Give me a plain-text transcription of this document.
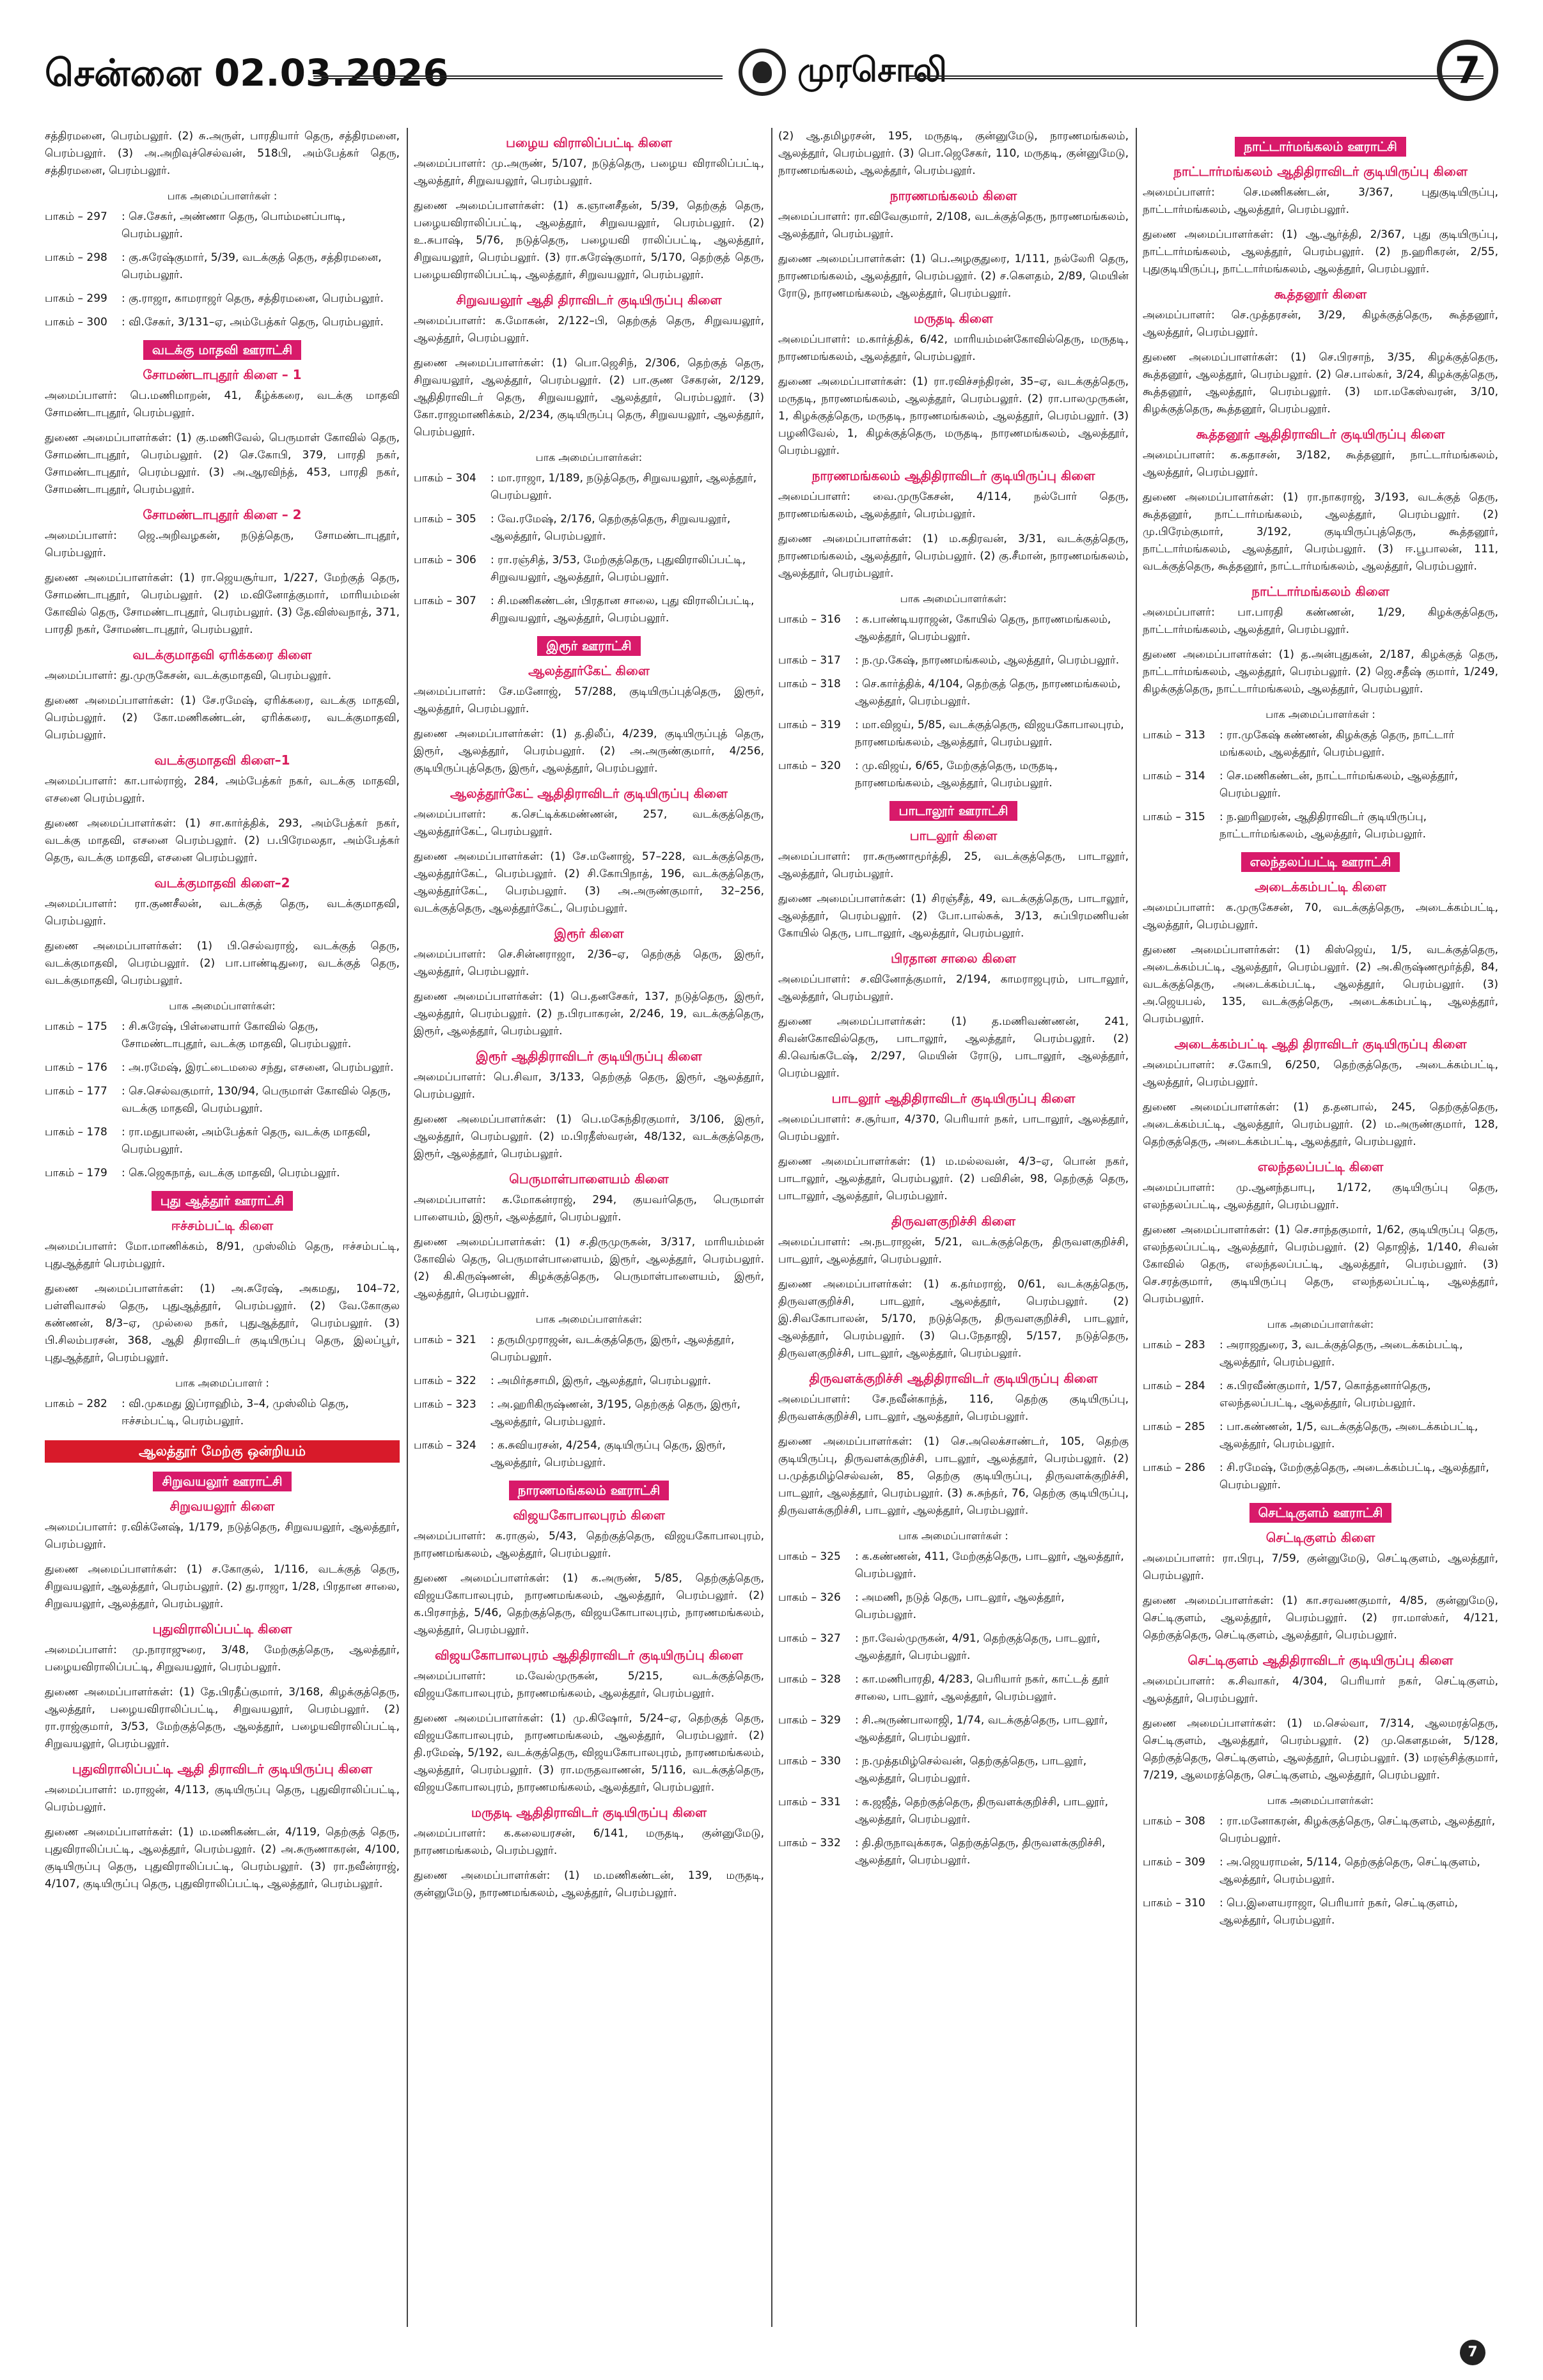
சென்னை 02.03.2026	முரசொலி	7

சத்திரமனை, பெரம்பலூர். (2) சு.அருள், பாரதியார் தெரு, சத்திரமனை, பெரம்பலூர். (3) அ.அறிவுச்செல்வன், 518பி, அம்பேத்கர் தெரு, சத்திரமனை, பெரம்பலூர்.

பாக அமைப்பாளர்கள் :
பாகம் – 297	: செ.சேகர், அண்ணா தெரு, பொம்மனப்பாடி, பெரம்பலூர்.
பாகம் – 298	: கு.சுரேஷ்குமார், 5/39, வடக்குத் தெரு, சத்திரமனை, பெரம்பலூர்.
பாகம் – 299	: கு.ராஜா, காமராஜர் தெரு, சத்திரமனை, பெரம்பலூர்.
பாகம் – 300	: வி.சேகர், 3/131–ஏ, அம்பேத்கர் தெரு, பெரம்பலூர்.
வடக்கு மாதவி ஊராட்சி
சோமண்டாபுதூர் கிளை – 1

அமைப்பாளர்: பெ.மணிமாறன், 41, கீழ்க்கரை, வடக்கு மாதவி சோமண்டாபுதூர், பெரம்பலூர்.

துணை அமைப்பாளர்கள்: (1) கு.மணிவேல், பெருமாள் கோவில் தெரு, சோமண்டாபுதூர், பெரம்பலூர். (2) செ.கோபி, 379, பாரதி நகர், சோமண்டாபுதூர், பெரம்பலூர். (3) அ.ஆரவிந்த், 453, பாரதி நகர், சோமண்டாபுதூர், பெரம்பலூர்.

சோமண்டாபுதூர் கிளை – 2

அமைப்பாளர்: ஜெ.அறிவழகன், நடுத்தெரு, சோமண்டாபுதூர், பெரம்பலூர்.

துணை அமைப்பாளர்கள்: (1) ரா.ஜெயசூர்யா, 1/227, மேற்குத் தெரு, சோமண்டாபுதூர், பெரம்பலூர். (2) ம.வினோத்குமார், மாரியம்மன் கோவில் தெரு, சோமண்டாபுதூர், பெரம்பலூர். (3) தே.விஸ்வநாத், 371, பாரதி நகர், சோமண்டாபுதூர், பெரம்பலூர்.

வடக்குமாதவி ஏரிக்கரை கிளை

அமைப்பாளர்: து.முருகேசன், வடக்குமாதவி, பெரம்பலூர்.

துணை அமைப்பாளர்கள்: (1) சே.ரமேஷ், ஏரிக்கரை, வடக்கு மாதவி, பெரம்பலூர். (2) கோ.மணிகண்டன், ஏரிக்கரை, வடக்குமாதவி, பெரம்பலூர்.

வடக்குமாதவி கிளை–1

அமைப்பாளர்: கா.பால்ராஜ், 284, அம்பேத்கர் நகர், வடக்கு மாதவி, எசனை பெரம்பலூர்.

துணை அமைப்பாளர்கள்: (1) சா.கார்த்திக், 293, அம்பேத்கர் நகர், வடக்கு மாதவி, எசனை பெரம்பலூர். (2) ப.பிரேமலதா, அம்பேத்கர் தெரு, வடக்கு மாதவி, எசனை பெரம்பலூர்.

வடக்குமாதவி கிளை–2

அமைப்பாளர்: ரா.குணசீலன், வடக்குத் தெரு, வடக்குமாதவி, பெரம்பலூர்.

துணை அமைப்பாளர்கள்: (1) பி.செல்வராஜ், வடக்குத் தெரு, வடக்குமாதவி, பெரம்பலூர். (2) பா.பாண்டிதுரை, வடக்குத் தெரு, வடக்குமாதவி, பெரம்பலூர்.

பாக அமைப்பாளர்கள்:
பாகம் – 175	: சி.சுரேஷ், பிள்ளையார் கோவில் தெரு, சோமண்டாபுதூர், வடக்கு மாதவி, பெரம்பலூர்.
பாகம் – 176	: அ.ரமேஷ், இரட்டைமலை சந்து, எசனை, பெரம்பலூர்.
பாகம் – 177	: செ.செல்வகுமார், 130/94, பெருமாள் கோவில் தெரு, வடக்கு மாதவி, பெரம்பலூர்.
பாகம் – 178	: ரா.மதுபாலன், அம்பேத்கர் தெரு, வடக்கு மாதவி, பெரம்பலூர்.
பாகம் – 179	: கெ.ஜெகநாத், வடக்கு மாதவி, பெரம்பலூர்.
புது ஆத்தூர் ஊராட்சி
ஈச்சம்பட்டி கிளை

அமைப்பாளர்: மோ.மாணிக்கம், 8/91, முஸ்லிம் தெரு, ஈச்சம்பட்டி, புதுஆத்தூர் பெரம்பலூர்.

துணை அமைப்பாளர்கள்: (1) அ.சுரேஷ், அகமது, 104–72, பள்ளிவாசல் தெரு, புதுஆத்தூர், பெரம்பலூர். (2) வே.கோகுல கண்ணன், 8/3–ஏ, முல்லை நகர், புதுஆத்தூர், பெரம்பலூர். (3) பி.சிலம்பரசன், 368, ஆதி திராவிடர் குடியிருப்பு தெரு, இலப்பூர், புதுஆத்தூர், பெரம்பலூர்.

பாக அமைப்பாளர் :
பாகம் – 282	: வி.முகமது இப்ராஹிம், 3–4, முஸ்லிம் தெரு, ஈச்சம்பட்டி, பெரம்பலூர்.
ஆலத்தூர் மேற்கு ஒன்றியம்
சிறுவயலூர் ஊராட்சி
சிறுவயலூர் கிளை

அமைப்பாளர்: ர.விக்னேஷ், 1/179, நடுத்தெரு, சிறுவயலூர், ஆலத்தூர், பெரம்பலூர்.

துணை அமைப்பாளர்கள்: (1) ச.கோகுல், 1/116, வடக்குத் தெரு, சிறுவயலூர், ஆலத்தூர், பெரம்பலூர். (2) து.ராஜா, 1/28, பிரதான சாலை, சிறுவயலூர், ஆலத்தூர், பெரம்பலூர்.

புதுவிராலிப்பட்டி கிளை

அமைப்பாளர்: மு.நாராஜுரை, 3/48, மேற்குத்தெரு, ஆலத்தூர், பழையவிராலிப்பட்டி, சிறுவயலூர், பெரம்பலூர்.

துணை அமைப்பாளர்கள்: (1) தே.பிரதீப்குமார், 3/168, கிழக்குத்தெரு, ஆலத்தூர், பழையவிராலிப்பட்டி, சிறுவயலூர், பெரம்பலூர். (2) ரா.ராஜ்குமார், 3/53, மேற்குத்தெரு, ஆலத்தூர், பழையவிராலிப்பட்டி, சிறுவயலூர், பெரம்பலூர்.

புதுவிராலிப்பட்டி ஆதி திராவிடர் குடியிருப்பு கிளை

அமைப்பாளர்: ம.ராஜன், 4/113, குடியிருப்பு தெரு, புதுவிராலிப்பட்டி, பெரம்பலூர்.

துணை அமைப்பாளர்கள்: (1) ம.மணிகண்டன், 4/119, தெற்குத் தெரு, புதுவிராலிப்பட்டி, ஆலத்தூர், பெரம்பலூர். (2) அ.சுருணாகரன், 4/100, குடியிருப்பு தெரு, புதுவிராலிப்பட்டி, பெரம்பலூர். (3) ரா.நவீன்ராஜ், 4/107, குடியிருப்பு தெரு, புதுவிராலிப்பட்டி, ஆலத்தூர், பெரம்பலூர்.

பழைய விராலிப்பட்டி கிளை

அமைப்பாளர்: மு.அருண், 5/107, நடுத்தெரு, பழைய விராலிப்பட்டி, ஆலத்தூர், சிறுவயலூர், பெரம்பலூர்.

துணை அமைப்பாளர்கள்: (1) க.ஞானசீதன், 5/39, தெற்குத் தெரு, பழையவிராலிப்பட்டி, ஆலத்தூர், சிறுவயலூர், பெரம்பலூர். (2) உ.சுபாஷ், 5/76, நடுத்தெரு, பழையவி ராலிப்பட்டி, ஆலத்தூர், சிறுவயலூர், பெரம்பலூர். (3) ரா.சுரேஷ்குமார், 5/170, தெற்குத் தெரு, பழையவிராலிப்பட்டி, ஆலத்தூர், சிறுவயலூர், பெரம்பலூர்.

சிறுவயலூர் ஆதி திராவிடர் குடியிருப்பு கிளை

அமைப்பாளர்: க.மோகன், 2/122–பி, தெற்குத் தெரு, சிறுவயலூர், ஆலத்தூர், பெரம்பலூர்.

துணை அமைப்பாளர்கள்: (1) பொ.ஜெசிந், 2/306, தெற்குத் தெரு, சிறுவயலூர், ஆலத்தூர், பெரம்பலூர். (2) பா.குண சேகரன், 2/129, ஆதிதிராவிடர் தெரு, சிறுவயலூர், ஆலத்தூர், பெரம்பலூர். (3) கோ.ராஜமாணிக்கம், 2/234, குடியிருப்பு தெரு, சிறுவயலூர், ஆலத்தூர், பெரம்பலூர்.

பாக அமைப்பாளர்கள்:
பாகம் – 304	: மா.ராஜா, 1/189, நடுத்தெரு, சிறுவயலூர், ஆலத்தூர், பெரம்பலூர்.
பாகம் – 305	: வே.ரமேஷ், 2/176, தெற்குத்தெரு, சிறுவயலூர், ஆலத்தூர், பெரம்பலூர்.
பாகம் – 306	: ரா.ரஞ்சித், 3/53, மேற்குத்தெரு, புதுவிராலிப்பட்டி, சிறுவயலூர், ஆலத்தூர், பெரம்பலூர்.
பாகம் – 307	: சி.மணிகண்டன், பிரதான சாலை, புது விராலிப்பட்டி, சிறுவயலூர், ஆலத்தூர், பெரம்பலூர்.
இரூர் ஊராட்சி
ஆலத்தூர்கேட் கிளை

அமைப்பாளர்: சே.மனோஜ், 57/288, குடியிருப்புத்தெரு, இரூர், ஆலத்தூர், பெரம்பலூர்.

துணை அமைப்பாளர்கள்: (1) த.திலீப், 4/239, குடியிருப்புத் தெரு, இரூர், ஆலத்தூர், பெரம்பலூர். (2) அ.அருண்குமார், 4/256, குடியிருப்புத்தெரு, இரூர், ஆலத்தூர், பெரம்பலூர்.

ஆலத்தூர்கேட் ஆதிதிராவிடர் குடியிருப்பு கிளை

அமைப்பாளர்: க.செட்டிக்கமண்ணன், 257, வடக்குத்தெரு, ஆலத்தூர்கேட், பெரம்பலூர்.

துணை அமைப்பாளர்கள்: (1) சே.மனோஜ், 57–228, வடக்குத்தெரு, ஆலத்தூர்கேட், பெரம்பலூர். (2) சி.கோபிநாத், 196, வடக்குத்தெரு, ஆலத்தூர்கேட், பெரம்பலூர். (3) அ.அருண்குமார், 32–256, வடக்குத்தெரு, ஆலத்தூர்கேட், பெரம்பலூர்.

இரூர் கிளை

அமைப்பாளர்: செ.சின்னராஜா, 2/36–ஏ, தெற்குத் தெரு, இரூர், ஆலத்தூர், பெரம்பலூர்.

துணை அமைப்பாளர்கள்: (1) பெ.தனசேகர், 137, நடுத்தெரு, இரூர், ஆலத்தூர், பெரம்பலூர். (2) ந.பிரபாகரன், 2/246, 19, வடக்குத்தெரு, இரூர், ஆலத்தூர், பெரம்பலூர்.

இரூர் ஆதிதிராவிடர் குடியிருப்பு கிளை

அமைப்பாளர்: பெ.சிவா, 3/133, தெற்குத் தெரு, இரூர், ஆலத்தூர், பெரம்பலூர்.

துணை அமைப்பாளர்கள்: (1) பெ.மகேந்திரகுமார், 3/106, இரூர், ஆலத்தூர், பெரம்பலூர். (2) ம.பிரதீஸ்வரன், 48/132, வடக்குத்தெரு, இரூர், ஆலத்தூர், பெரம்பலூர்.

பெருமாள்பாளையம் கிளை

அமைப்பாளர்: க.மோகன்ராஜ், 294, குயவர்தெரு, பெருமாள் பாளையம், இரூர், ஆலத்தூர், பெரம்பலூர்.

துணை அமைப்பாளர்கள்: (1) ச.திருமுருகன், 3/317, மாரியம்மன் கோவில் தெரு, பெருமாள்பாளையம், இரூர், ஆலத்தூர், பெரம்பலூர். (2) கி.கிருஷ்ணன், கிழக்குத்தெரு, பெருமாள்பாளையம், இரூர், ஆலத்தூர், பெரம்பலூர்.

பாக அமைப்பாளர்கள்:
பாகம் – 321	: தருமிமுராஜன், வடக்குத்தெரு, இரூர், ஆலத்தூர், பெரம்பலூர்.
பாகம் – 322	: அமிர்தசாமி, இரூர், ஆலத்தூர், பெரம்பலூர்.
பாகம் – 323	: அ.ஹரிகிருஷ்ணன், 3/195, தெற்குத் தெரு, இரூர், ஆலத்தூர், பெரம்பலூர்.
பாகம் – 324	: க.சுவியரசன், 4/254, குடியிருப்பு தெரு, இரூர், ஆலத்தூர், பெரம்பலூர்.
நாரணமங்கலம் ஊராட்சி
விஜயகோபாலபுரம் கிளை

அமைப்பாளர்: க.ராகுல், 5/43, தெற்குத்தெரு, விஜயகோபாலபுரம், நாரணமங்கலம், ஆலத்தூர், பெரம்பலூர்.

துணை அமைப்பாளர்கள்: (1) க.அருண், 5/85, தெற்குத்தெரு, விஜயகோபாலபுரம், நாரணமங்கலம், ஆலத்தூர், பெரம்பலூர். (2) க.பிரசாந்த், 5/46, தெற்குத்தெரு, விஜயகோபாலபுரம், நாரணமங்கலம், ஆலத்தூர், பெரம்பலூர்.

விஜயகோபாலபுரம் ஆதிதிராவிடர் குடியிருப்பு கிளை

அமைப்பாளர்: ம.வேல்முருகன், 5/215, வடக்குத்தெரு, விஜயகோபாலபுரம், நாரணமங்கலம், ஆலத்தூர், பெரம்பலூர்.

துணை அமைப்பாளர்கள்: (1) மு.கிஷோர், 5/24–ஏ, தெற்குத் தெரு, விஜயகோபாலபுரம், நாரணமங்கலம், ஆலத்தூர், பெரம்பலூர். (2) தி.ரமேஷ், 5/192, வடக்குத்தெரு, விஜயகோபாலபுரம், நாரணமங்கலம், ஆலத்தூர், பெரம்பலூர். (3) ரா.மருதவாணன், 5/116, வடக்குத்தெரு, விஜயகோபாலபுரம், நாரணமங்கலம், ஆலத்தூர், பெரம்பலூர்.

மருதடி ஆதிதிராவிடர் குடியிருப்பு கிளை

அமைப்பாளர்: க.கலையரசன், 6/141, மருதடி, குன்னுமேடு, நாரணமங்கலம், பெரம்பலூர்.

துணை அமைப்பாளர்கள்: (1) ம.மணிகண்டன், 139, மருதடி, குன்னுமேடு, நாரணமங்கலம், ஆலத்தூர், பெரம்பலூர்.

(2) ஆ.தமிழரசன், 195, மருதடி, குன்னுமேடு, நாரணமங்கலம், ஆலத்தூர், பெரம்பலூர். (3) பொ.ஜெசேகர், 110, மருதடி, குன்னுமேடு, நாரணமங்கலம், ஆலத்தூர், பெரம்பலூர்.

நாரணமங்கலம் கிளை

அமைப்பாளர்: ரா.விவேகுமார், 2/108, வடக்குத்தெரு, நாரணமங்கலம், ஆலத்தூர், பெரம்பலூர்.

துணை அமைப்பாளர்கள்: (1) பெ.அழகுதுரை, 1/111, நல்லேரி தெரு, நாரணமங்கலம், ஆலத்தூர், பெரம்பலூர். (2) ச.கௌதம், 2/89, மெயின் ரோடு, நாரணமங்கலம், ஆலத்தூர், பெரம்பலூர்.

மருதடி கிளை

அமைப்பாளர்: ம.கார்த்திக், 6/42, மாரியம்மன்கோவில்தெரு, மருதடி, நாரணமங்கலம், ஆலத்தூர், பெரம்பலூர்.

துணை அமைப்பாளர்கள்: (1) ரா.ரவிச்சந்திரன், 35–ஏ, வடக்குத்தெரு, மருதடி, நாரணமங்கலம், ஆலத்தூர், பெரம்பலூர். (2) ரா.பாலமுருகன், 1, கிழக்குத்தெரு, மருதடி, நாரணமங்கலம், ஆலத்தூர், பெரம்பலூர். (3) பழனிவேல், 1, கிழக்குத்தெரு, மருதடி, நாரணமங்கலம், ஆலத்தூர், பெரம்பலூர்.

நாரணமங்கலம் ஆதிதிராவிடர் குடியிருப்பு கிளை

அமைப்பாளர்: வை.முருகேசன், 4/114, நல்போர் தெரு, நாரணமங்கலம், ஆலத்தூர், பெரம்பலூர்.

துணை அமைப்பாளர்கள்: (1) ம.கதிரவன், 3/31, வடக்குத்தெரு, நாரணமங்கலம், ஆலத்தூர், பெரம்பலூர். (2) கு.சீமான், நாரணமங்கலம், ஆலத்தூர், பெரம்பலூர்.

பாக அமைப்பாளர்கள்:
பாகம் – 316	: க.பாண்டியராஜன், கோயில் தெரு, நாரணமங்கலம், ஆலத்தூர், பெரம்பலூர்.
பாகம் – 317	: ந.மு.கேஷ், நாரணமங்கலம், ஆலத்தூர், பெரம்பலூர்.
பாகம் – 318	: செ.கார்த்திக், 4/104, தெற்குத் தெரு, நாரணமங்கலம், ஆலத்தூர், பெரம்பலூர்.
பாகம் – 319	: மா.விஜய், 5/85, வடக்குத்தெரு, விஜயகோபாலபுரம், நாரணமங்கலம், ஆலத்தூர், பெரம்பலூர்.
பாகம் – 320	: மு.விஜய், 6/65, மேற்குத்தெரு, மருதடி, நாரணமங்கலம், ஆலத்தூர், பெரம்பலூர்.
பாடாலூர் ஊராட்சி
பாடலூர் கிளை

அமைப்பாளர்: ரா.சுருணாமூர்த்தி, 25, வடக்குத்தெரு, பாடாலூர், ஆலத்தூர், பெரம்பலூர்.

துணை அமைப்பாளர்கள்: (1) சிரஞ்சீத், 49, வடக்குத்தெரு, பாடாலூர், ஆலத்தூர், பெரம்பலூர். (2) போ.பால்சுக், 3/13, சுப்பிரமணியன் கோயில் தெரு, பாடாலூர், ஆலத்தூர், பெரம்பலூர்.

பிரதான சாலை கிளை

அமைப்பாளர்: ச.வினோத்குமார், 2/194, காமராஜபுரம், பாடாலூர், ஆலத்தூர், பெரம்பலூர்.

துணை அமைப்பாளர்கள்: (1) த.மணிவண்ணன், 241, சிவன்கோவில்தெரு, பாடாலூர், ஆலத்தூர், பெரம்பலூர். (2) கி.வெங்கடேஷ், 2/297, மெயின் ரோடு, பாடாலூர், ஆலத்தூர், பெரம்பலூர்.

பாடலூர் ஆதிதிராவிடர் குடியிருப்பு கிளை

அமைப்பாளர்: ச.சூர்யா, 4/370, பெரியார் நகர், பாடாலூர், ஆலத்தூர், பெரம்பலூர்.

துணை அமைப்பாளர்கள்: (1) ம.மல்லவன், 4/3–ஏ, பொன் நகர், பாடாலூர், ஆலத்தூர், பெரம்பலூர். (2) பவிசின், 98, தெற்குத் தெரு, பாடாலூர், ஆலத்தூர், பெரம்பலூர்.

திருவளகுறிச்சி கிளை

அமைப்பாளர்: அ.நடராஜன், 5/21, வடக்குத்தெரு, திருவளகுறிச்சி, பாடலூர், ஆலத்தூர், பெரம்பலூர்.

துணை அமைப்பாளர்கள்: (1) க.தர்மராஜ், 0/61, வடக்குத்தெரு, திருவளகுறிச்சி, பாடலூர், ஆலத்தூர், பெரம்பலூர். (2) இ.சிவகோபாலன், 5/170, நடுத்தெரு, திருவளகுறிச்சி, பாடலூர், ஆலத்தூர், பெரம்பலூர். (3) பெ.நேதாஜி, 5/157, நடுத்தெரு, திருவளகுறிச்சி, பாடலூர், ஆலத்தூர், பெரம்பலூர்.

திருவளக்குறிச்சி ஆதிதிராவிடர் குடியிருப்பு கிளை

அமைப்பாளர்: சே.நவீன்காந்த், 116, தெற்கு குடியிருப்பு, திருவளக்குறிச்சி, பாடலூர், ஆலத்தூர், பெரம்பலூர்.

துணை அமைப்பாளர்கள்: (1) செ.அலெக்சாண்டர், 105, தெற்கு குடியிருப்பு, திருவளக்குறிச்சி, பாடலூர், ஆலத்தூர், பெரம்பலூர். (2) ப.முத்தமிழ்செல்வன், 85, தெற்கு குடியிருப்பு, திருவளக்குறிச்சி, பாடலூர், ஆலத்தூர், பெரம்பலூர். (3) சு.சுந்தர், 76, தெற்கு குடியிருப்பு, திருவளக்குறிச்சி, பாடலூர், ஆலத்தூர், பெரம்பலூர்.

பாக அமைப்பாளர்கள் :
பாகம் – 325	: க.கண்ணன், 411, மேற்குத்தெரு, பாடலூர், ஆலத்தூர், பெரம்பலூர்.
பாகம் – 326	: அமணி, நடுத் தெரு, பாடலூர், ஆலத்தூர், பெரம்பலூர்.
பாகம் – 327	: நா.வேல்முருகன், 4/91, தெற்குத்தெரு, பாடலூர், ஆலத்தூர், பெரம்பலூர்.
பாகம் – 328	: கா.மணிபாரதி, 4/283, பெரியார் நகர், காட்டத் தூர் சாலை, பாடலூர், ஆலத்தூர், பெரம்பலூர்.
பாகம் – 329	: சி.அருண்பாலாஜி, 1/74, வடக்குத்தெரு, பாடலூர், ஆலத்தூர், பெரம்பலூர்.
பாகம் – 330	: ந.முத்தமிழ்செல்வன், தெற்குத்தெரு, பாடலூர், ஆலத்தூர், பெரம்பலூர்.
பாகம் – 331	: க.ஜஜீத், தெற்குத்தெரு, திருவளக்குறிச்சி, பாடலூர், ஆலத்தூர், பெரம்பலூர்.
பாகம் – 332	: தி.திருநாவுக்கரசு, தெற்குத்தெரு, திருவளக்குறிச்சி, ஆலத்தூர், பெரம்பலூர்.
நாட்டார்மங்கலம் ஊராட்சி
நாட்டார்மங்கலம் ஆதிதிராவிடர் குடியிருப்பு கிளை

அமைப்பாளர்: செ.மணிகண்டன், 3/367, புதுகுடியிருப்பு, நாட்டார்மங்கலம், ஆலத்தூர், பெரம்பலூர்.

துணை அமைப்பாளர்கள்: (1) ஆ.ஆர்த்தி, 2/367, புது குடியிருப்பு, நாட்டார்மங்கலம், ஆலத்தூர், பெரம்பலூர். (2) ந.ஹரிகரன், 2/55, புதுகுடியிருப்பு, நாட்டார்மங்கலம், ஆலத்தூர், பெரம்பலூர்.

கூத்தனூர் கிளை

அமைப்பாளர்: செ.முத்தரசன், 3/29, கிழக்குத்தெரு, கூத்தனூர், ஆலத்தூர், பெரம்பலூர்.

துணை அமைப்பாளர்கள்: (1) செ.பிரசாந், 3/35, கிழக்குத்தெரு, கூத்தனூர், ஆலத்தூர், பெரம்பலூர். (2) செ.பால்கர், 3/24, கிழக்குத்தெரு, கூத்தனூர், ஆலத்தூர், பெரம்பலூர். (3) மா.மகேஸ்வரன், 3/10, கிழக்குத்தெரு, கூத்தனூர், பெரம்பலூர்.

கூத்தனூர் ஆதிதிராவிடர் குடியிருப்பு கிளை

அமைப்பாளர்: க.கதாசன், 3/182, கூத்தனூர், நாட்டார்மங்கலம், ஆலத்தூர், பெரம்பலூர்.

துணை அமைப்பாளர்கள்: (1) ரா.நாகராஜ், 3/193, வடக்குத் தெரு, கூத்தனூர், நாட்டார்மங்கலம், ஆலத்தூர், பெரம்பலூர். (2) மு.பிரேம்குமார், 3/192, குடியிருப்புத்தெரு, கூத்தனூர், நாட்டார்மங்கலம், ஆலத்தூர், பெரம்பலூர். (3) ஈ.பூபாலன், 111, வடக்குத்தெரு, கூத்தனூர், நாட்டார்மங்கலம், ஆலத்தூர், பெரம்பலூர்.

நாட்டார்மங்கலம் கிளை

அமைப்பாளர்: பா.பாரதி கண்ணன், 1/29, கிழக்குத்தெரு, நாட்டார்மங்கலம், ஆலத்தூர், பெரம்பலூர்.

துணை அமைப்பாளர்கள்: (1) த.அன்புதுகன், 2/187, கிழக்குத் தெரு, நாட்டார்மங்கலம், ஆலத்தூர், பெரம்பலூர். (2) ஜெ.சதீஷ் குமார், 1/249, கிழக்குத்தெரு, நாட்டார்மங்கலம், ஆலத்தூர், பெரம்பலூர்.

பாக அமைப்பாளர்கள் :
பாகம் – 313	: ரா.முகேஷ் கண்ணன், கிழக்குத் தெரு, நாட்டார் மங்கலம், ஆலத்தூர், பெரம்பலூர்.
பாகம் – 314	: செ.மணிகண்டன், நாட்டார்மங்கலம், ஆலத்தூர், பெரம்பலூர்.
பாகம் – 315	: ந.ஹரிஹரன், ஆதிதிராவிடர் குடியிருப்பு, நாட்டார்மங்கலம், ஆலத்தூர், பெரம்பலூர்.
எலந்தலப்பட்டி ஊராட்சி
அடைக்கம்பட்டி கிளை

அமைப்பாளர்: க.முருகேசன், 70, வடக்குத்தெரு, அடைக்கம்பட்டி, ஆலத்தூர், பெரம்பலூர்.

துணை அமைப்பாளர்கள்: (1) கிஸ்ஜெய், 1/5, வடக்குத்தெரு, அடைக்கம்பட்டி, ஆலத்தூர், பெரம்பலூர். (2) அ.கிருஷ்ணமூர்த்தி, 84, வடக்குத்தெரு, அடைக்கம்பட்டி, ஆலத்தூர், பெரம்பலூர். (3) அ.ஜெயபல், 135, வடக்குத்தெரு, அடைக்கம்பட்டி, ஆலத்தூர், பெரம்பலூர்.

அடைக்கம்பட்டி ஆதி திராவிடர் குடியிருப்பு கிளை

அமைப்பாளர்: ச.கோபி, 6/250, தெற்குத்தெரு, அடைக்கம்பட்டி, ஆலத்தூர், பெரம்பலூர்.

துணை அமைப்பாளர்கள்: (1) த.தனபால், 245, தெற்குத்தெரு, அடைக்கம்பட்டி, ஆலத்தூர், பெரம்பலூர். (2) ம.அருண்குமார், 128, தெற்குத்தெரு, அடைக்கம்பட்டி, ஆலத்தூர், பெரம்பலூர்.

எலந்தலப்பட்டி கிளை

அமைப்பாளர்: மு.ஆனந்தபாபு, 1/172, குடியிருப்பு தெரு, எலந்தலப்பட்டி, ஆலத்தூர், பெரம்பலூர்.

துணை அமைப்பாளர்கள்: (1) செ.சாந்தகுமார், 1/62, குடியிருப்பு தெரு, எலந்தலப்பட்டி, ஆலத்தூர், பெரம்பலூர். (2) தொஜித், 1/140, சிவன் கோவில் தெரு, எலந்தலப்பட்டி, ஆலத்தூர், பெரம்பலூர். (3) செ.சரத்குமார், குடியிருப்பு தெரு, எலந்தலப்பட்டி, ஆலத்தூர், பெரம்பலூர்.

பாக அமைப்பாளர்கள்:
பாகம் – 283	: அராஜதுரை, 3, வடக்குத்தெரு, அடைக்கம்பட்டி, ஆலத்தூர், பெரம்பலூர்.
பாகம் – 284	: க.பிரவீண்குமார், 1/57, கொத்தனார்தெரு, எலந்தலப்பட்டி, ஆலத்தூர், பெரம்பலூர்.
பாகம் – 285	: பா.கண்ணன், 1/5, வடக்குத்தெரு, அடைக்கம்பட்டி, ஆலத்தூர், பெரம்பலூர்.
பாகம் – 286	: சி.ரமேஷ், மேற்குத்தெரு, அடைக்கம்பட்டி, ஆலத்தூர், பெரம்பலூர்.
செட்டிகுளம் ஊராட்சி
செட்டிகுளம் கிளை

அமைப்பாளர்: ரா.பிரபு, 7/59, குன்னுமேடு, செட்டிகுளம், ஆலத்தூர், பெரம்பலூர்.

துணை அமைப்பாளர்கள்: (1) கா.சரவணகுமார், 4/85, குன்னுமேடு, செட்டிகுளம், ஆலத்தூர், பெரம்பலூர். (2) ரா.மாஸ்கர், 4/121, தெற்குத்தெரு, செட்டிகுளம், ஆலத்தூர், பெரம்பலூர்.

செட்டிகுளம் ஆதிதிராவிடர் குடியிருப்பு கிளை

அமைப்பாளர்: க.சிவாகர், 4/304, பெரியார் நகர், செட்டிகுளம், ஆலத்தூர், பெரம்பலூர்.

துணை அமைப்பாளர்கள்: (1) ம.செல்வா, 7/314, ஆலமரத்தெரு, செட்டிகுளம், ஆலத்தூர், பெரம்பலூர். (2) மு.கௌதமன், 5/128, தெற்குத்தெரு, செட்டிகுளம், ஆலத்தூர், பெரம்பலூர். (3) மரஞ்சித்குமார், 7/219, ஆலமரத்தெரு, செட்டிகுளம், ஆலத்தூர், பெரம்பலூர்.

பாக அமைப்பாளர்கள்:
பாகம் – 308	: ரா.மனோகரன், கிழக்குத்தெரு, செட்டிகுளம், ஆலத்தூர், பெரம்பலூர்.
பாகம் – 309	: அ.ஜெயராமன், 5/114, தெற்குத்தெரு, செட்டிகுளம், ஆலத்தூர், பெரம்பலூர்.
பாகம் – 310	: பெ.இளையராஜா, பெரியார் நகர், செட்டிகுளம், ஆலத்தூர், பெரம்பலூர்.
7
